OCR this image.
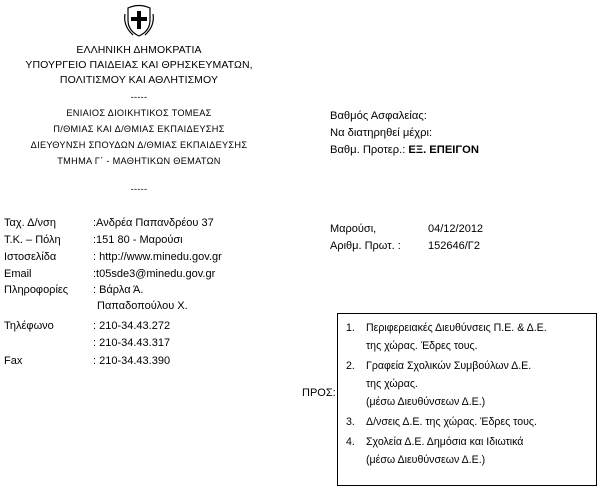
ΕΛΛΗΝΙΚΗ ΔΗΜΟΚΡΑΤΙΑ
ΥΠΟΥΡΓΕΙΟ ΠΑΙΔΕΙΑΣ ΚΑΙ ΘΡΗΣΚΕΥΜΑΤΩΝ,
ΠΟΛΙΤΙΣΜΟΥ ΚΑΙ ΑΘΛΗΤΙΣΜΟΥ
-----
ΕΝΙΑΙΟΣ ΔΙΟΙΚΗΤΙΚΟΣ ΤΟΜΕΑΣ
Π/ΘΜΙΑΣ ΚΑΙ Δ/ΘΜΙΑΣ ΕΚΠΑΙΔΕΥΣΗΣ
ΔΙΕΥΘΥΝΣΗ ΣΠΟΥΔΩΝ Δ/ΘΜΙΑΣ ΕΚΠΑΙΔΕΥΣΗΣ
ΤΜΗΜΑ Γ΄ - ΜΑΘΗΤΙΚΩΝ ΘΕΜΑΤΩΝ
-----
Βαθμός Ασφαλείας:
Να διατηρηθεί μέχρι:
Βαθμ. Προτερ.: ΕΞ. ΕΠΕΙΓΟΝ
Ταχ. Δ/νση	:Ανδρέα Παπανδρέου 37
Τ.Κ. – Πόλη	:151 80 - Μαρούσι
Ιστοσελίδα	: http://www.minedu.gov.gr
Email	:t05sde3@minedu.gov.gr
Πληροφορίες : Βάρλα Ά.
Παπαδοπούλου Χ.
Τηλέφωνο	: 210-34.43.272
: 210-34.43.317
Fax	: 210-34.43.390
Μαρούσι,	04/12/2012
Αριθμ. Πρωτ. : 152646/Γ2
ΠΡΟΣ:
1. Περιφερειακές Διευθύνσεις Π.Ε. & Δ.Ε.
της χώρας. Έδρες τους.
2. Γραφεία Σχολικών Συμβούλων Δ.Ε.
της χώρας.
(μέσω Διευθύνσεων Δ.Ε.)
3. Δ/νσεις Δ.Ε. της χώρας. Έδρες τους.
4. Σχολεία Δ.Ε. Δημόσια και Ιδιωτικά
(μέσω Διευθύνσεων Δ.Ε.)
